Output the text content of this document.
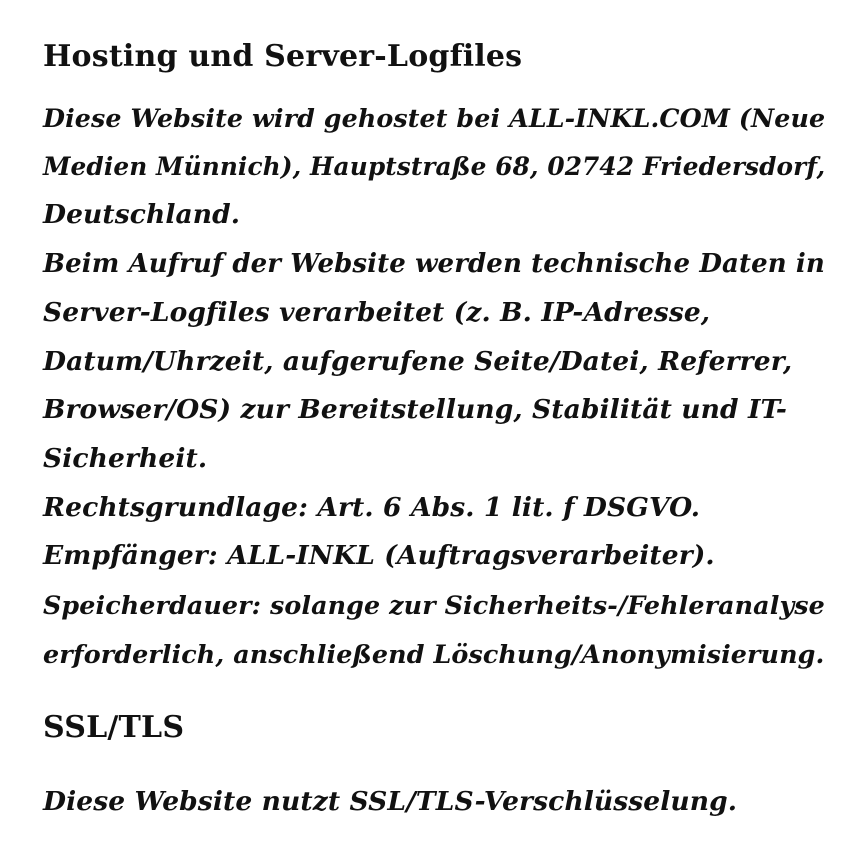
Hosting und Server-Logfiles

Diese Website wird gehostet bei ALL-INKL.COM (Neue
Medien Münnich), Hauptstraße 68, 02742 Friedersdorf,
Deutschland.
Beim Aufruf der Website werden technische Daten in
Server-Logfiles verarbeitet (z. B. IP-Adresse,
Datum/Uhrzeit, aufgerufene Seite/Datei, Referrer,
Browser/OS) zur Bereitstellung, Stabilität und IT-
Sicherheit.
Rechtsgrundlage: Art. 6 Abs. 1 lit. f DSGVO.
Empfänger: ALL-INKL (Auftragsverarbeiter).
Speicherdauer: solange zur Sicherheits-/Fehleranalyse
erforderlich, anschließend Löschung/Anonymisierung.

SSL/TLS

Diese Website nutzt SSL/TLS-Verschlüsselung.
